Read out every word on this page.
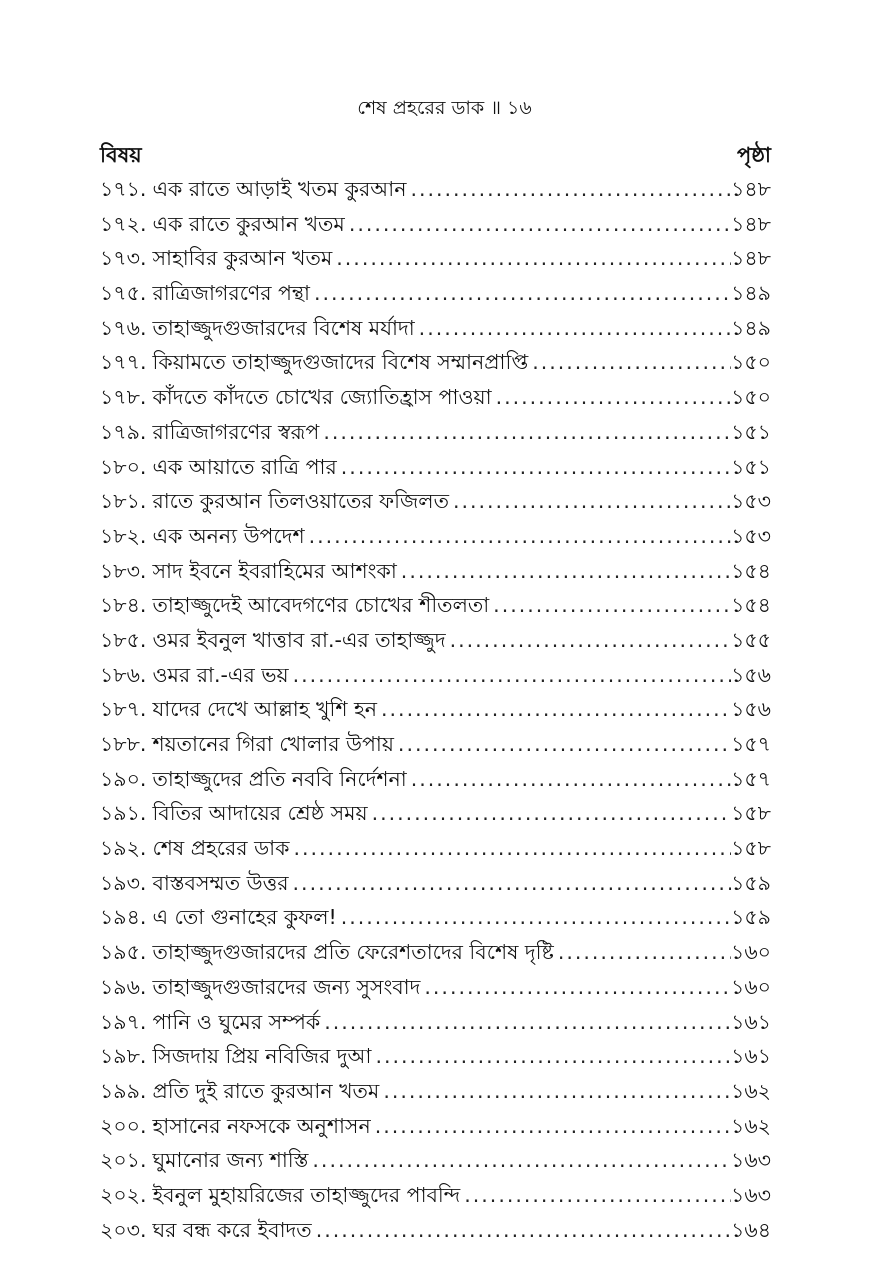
শেষ প্রহরের ডাক ॥ ১৬
বিষয়	পৃষ্ঠা
১৭১. এক রাতে আড়াই খতম কুরআন .....	১৪৮
১৭২. এক রাতে কুরআন খতম .....	১৪৮
১৭৩. সাহাবির কুরআন খতম .....	১৪৮
১৭৫. রাত্রিজাগরণের পন্থা .....	১৪৯
১৭৬. তাহাজ্জুদগুজারদের বিশেষ মর্যাদা .....	১৪৯
১৭৭. কিয়ামতে তাহাজ্জুদগুজাদের বিশেষ সম্মানপ্রাপ্তি .....	১৫০
১৭৮. কাঁদতে কাঁদতে চোখের জ্যোতিহ্রাস পাওয়া .....	১৫০
১৭৯. রাত্রিজাগরণের স্বরূপ .....	১৫১
১৮০. এক আয়াতে রাত্রি পার .....	১৫১
১৮১. রাতে কুরআন তিলওয়াতের ফজিলত .....	১৫৩
১৮২. এক অনন্য উপদেশ .....	১৫৩
১৮৩. সাদ ইবনে ইবরাহিমের আশংকা .....	১৫৪
১৮৪. তাহাজ্জুদেই আবেদগণের চোখের শীতলতা .....	১৫৪
১৮৫. ওমর ইবনুল খাত্তাব রা.-এর তাহাজ্জুদ .....	১৫৫
১৮৬. ওমর রা.-এর ভয় .....	১৫৬
১৮৭. যাদের দেখে আল্লাহ খুশি হন .....	১৫৬
১৮৮. শয়তানের গিরা খোলার উপায় .....	১৫৭
১৯০. তাহাজ্জুদের প্রতি নববি নির্দেশনা .....	১৫৭
১৯১. বিতির আদায়ের শ্রেষ্ঠ সময় .....	১৫৮
১৯২. শেষ প্রহরের ডাক .....	১৫৮
১৯৩. বাস্তবসম্মত উত্তর .....	১৫৯
১৯৪. এ তো গুনাহের কুফল! .....	১৫৯
১৯৫. তাহাজ্জুদগুজারদের প্রতি ফেরেশতাদের বিশেষ দৃষ্টি .....	১৬০
১৯৬. তাহাজ্জুদগুজারদের জন্য সুসংবাদ .....	১৬০
১৯৭. পানি ও ঘুমের সম্পর্ক .....	১৬১
১৯৮. সিজদায় প্রিয় নবিজির দুআ .....	১৬১
১৯৯. প্রতি দুই রাতে কুরআন খতম .....	১৬২
২০০. হাসানের নফসকে অনুশাসন .....	১৬২
২০১. ঘুমানোর জন্য শাস্তি .....	১৬৩
২০২. ইবনুল মুহায়রিজের তাহাজ্জুদের পাবন্দি .....	১৬৩
২০৩. ঘর বন্ধ করে ইবাদত .....	১৬৪
